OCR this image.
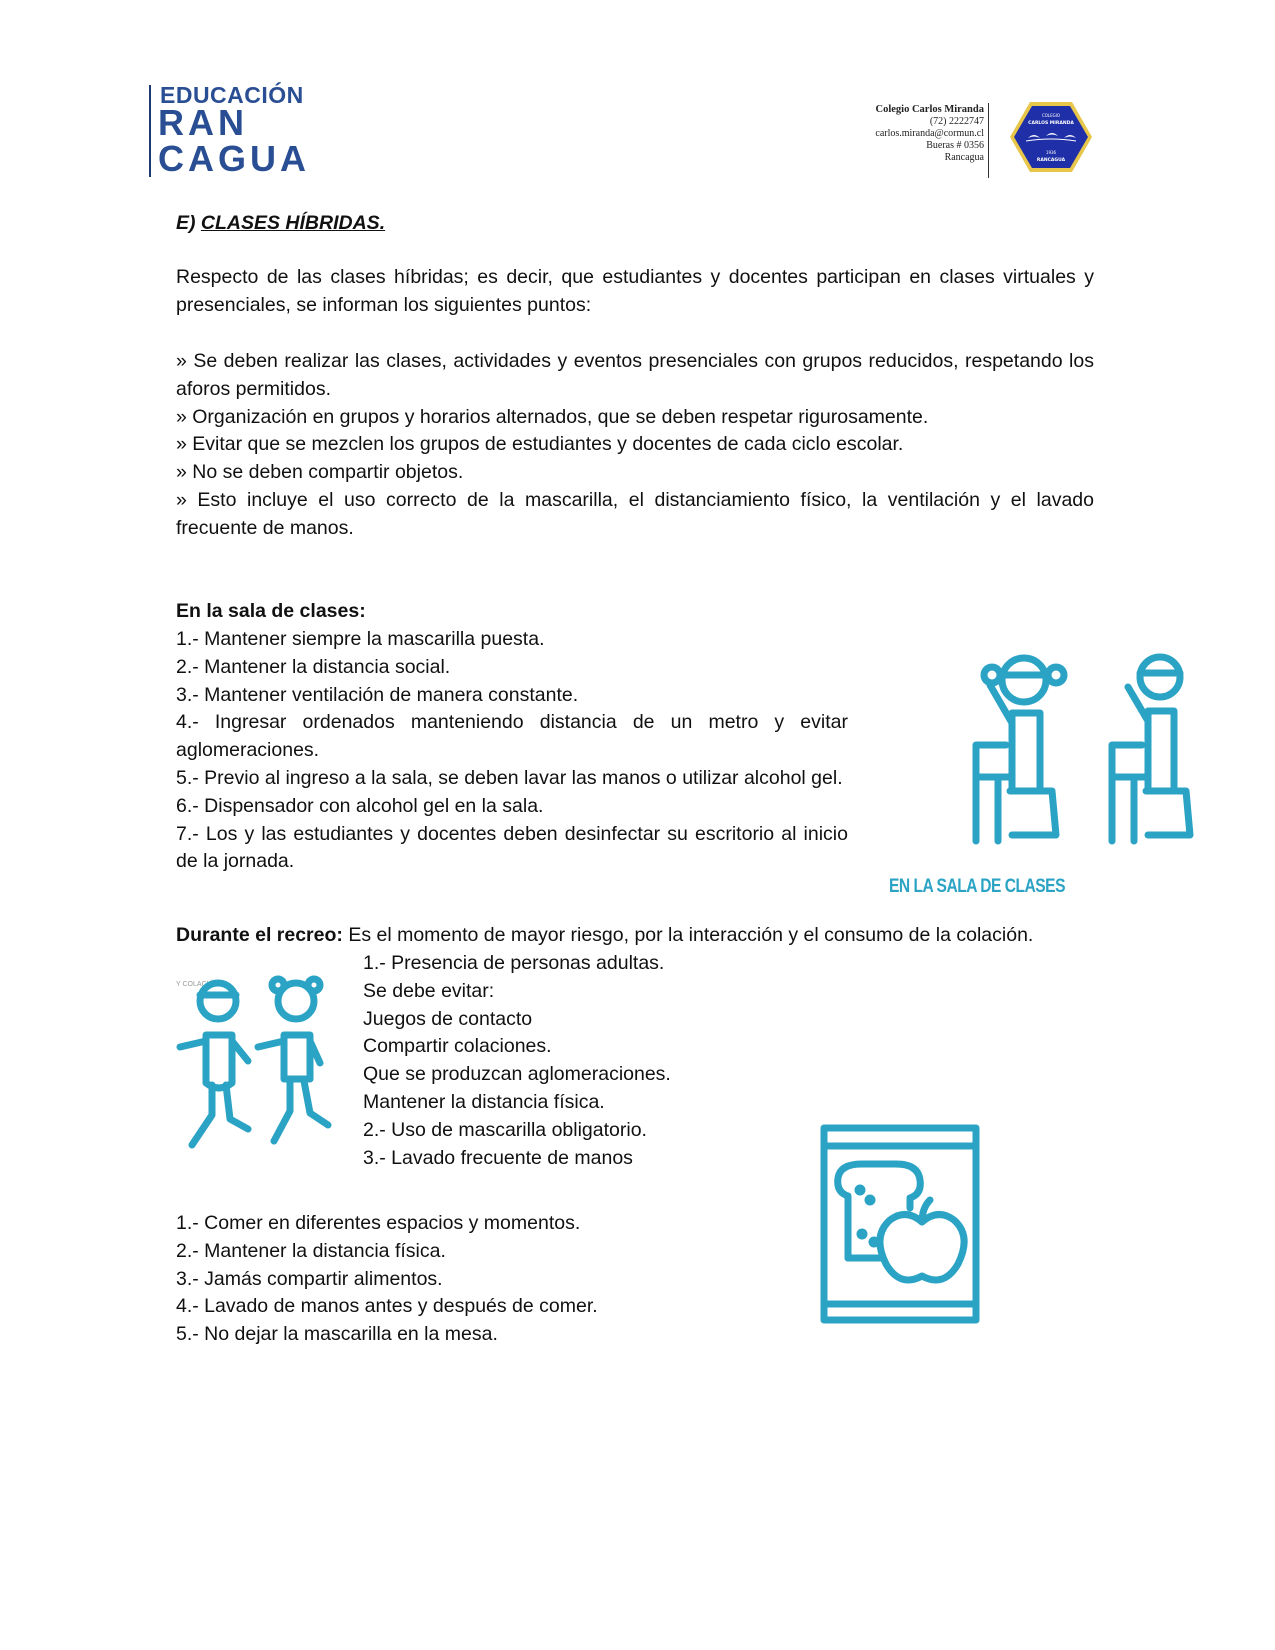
EDUCACIÓN
RAN
CAGUA
Colegio Carlos Miranda
(72) 2222747
carlos.miranda@cormun.cl
Bueras # 0356
Rancagua
COLEGIO
CARLOS MIRANDA
1936
RANCAGUA
E) CLASES HÍBRIDAS.
Respecto de las clases híbridas; es decir, que estudiantes y docentes participan en clases virtuales y presenciales, se informan los siguientes puntos:
» Se deben realizar las clases, actividades y eventos presenciales con grupos reducidos, respetando los aforos permitidos.
» Organización en grupos y horarios alternados, que se deben respetar rigurosamente.
» Evitar que se mezclen los grupos de estudiantes y docentes de cada ciclo escolar.
» No se deben compartir objetos.
» Esto incluye el uso correcto de la mascarilla, el distanciamiento físico, la ventilación y el lavado frecuente de manos.
En la sala de clases:
1.- Mantener siempre la mascarilla puesta.
2.- Mantener la distancia social.
3.- Mantener ventilación de manera constante.
4.- Ingresar ordenados manteniendo distancia de un metro y evitar aglomeraciones.
5.- Previo al ingreso a la sala, se deben lavar las manos o utilizar alcohol gel.
6.- Dispensador con alcohol gel en la sala.
7.- Los y las estudiantes y docentes deben desinfectar su escritorio al inicio de la jornada.
EN LA SALA DE CLASES
Durante el recreo: Es el momento de mayor riesgo, por la interacción y el consumo de la colación.
Y COLACIÓ
1.- Presencia de personas adultas.
Se debe evitar:
Juegos de contacto
Compartir colaciones.
Que se produzcan aglomeraciones.
Mantener la distancia física.
2.- Uso de mascarilla obligatorio.
3.- Lavado frecuente de manos
1.- Comer en diferentes espacios y momentos.
2.- Mantener la distancia física.
3.- Jamás compartir alimentos.
4.- Lavado de manos antes y después de comer.
5.- No dejar la mascarilla en la mesa.
